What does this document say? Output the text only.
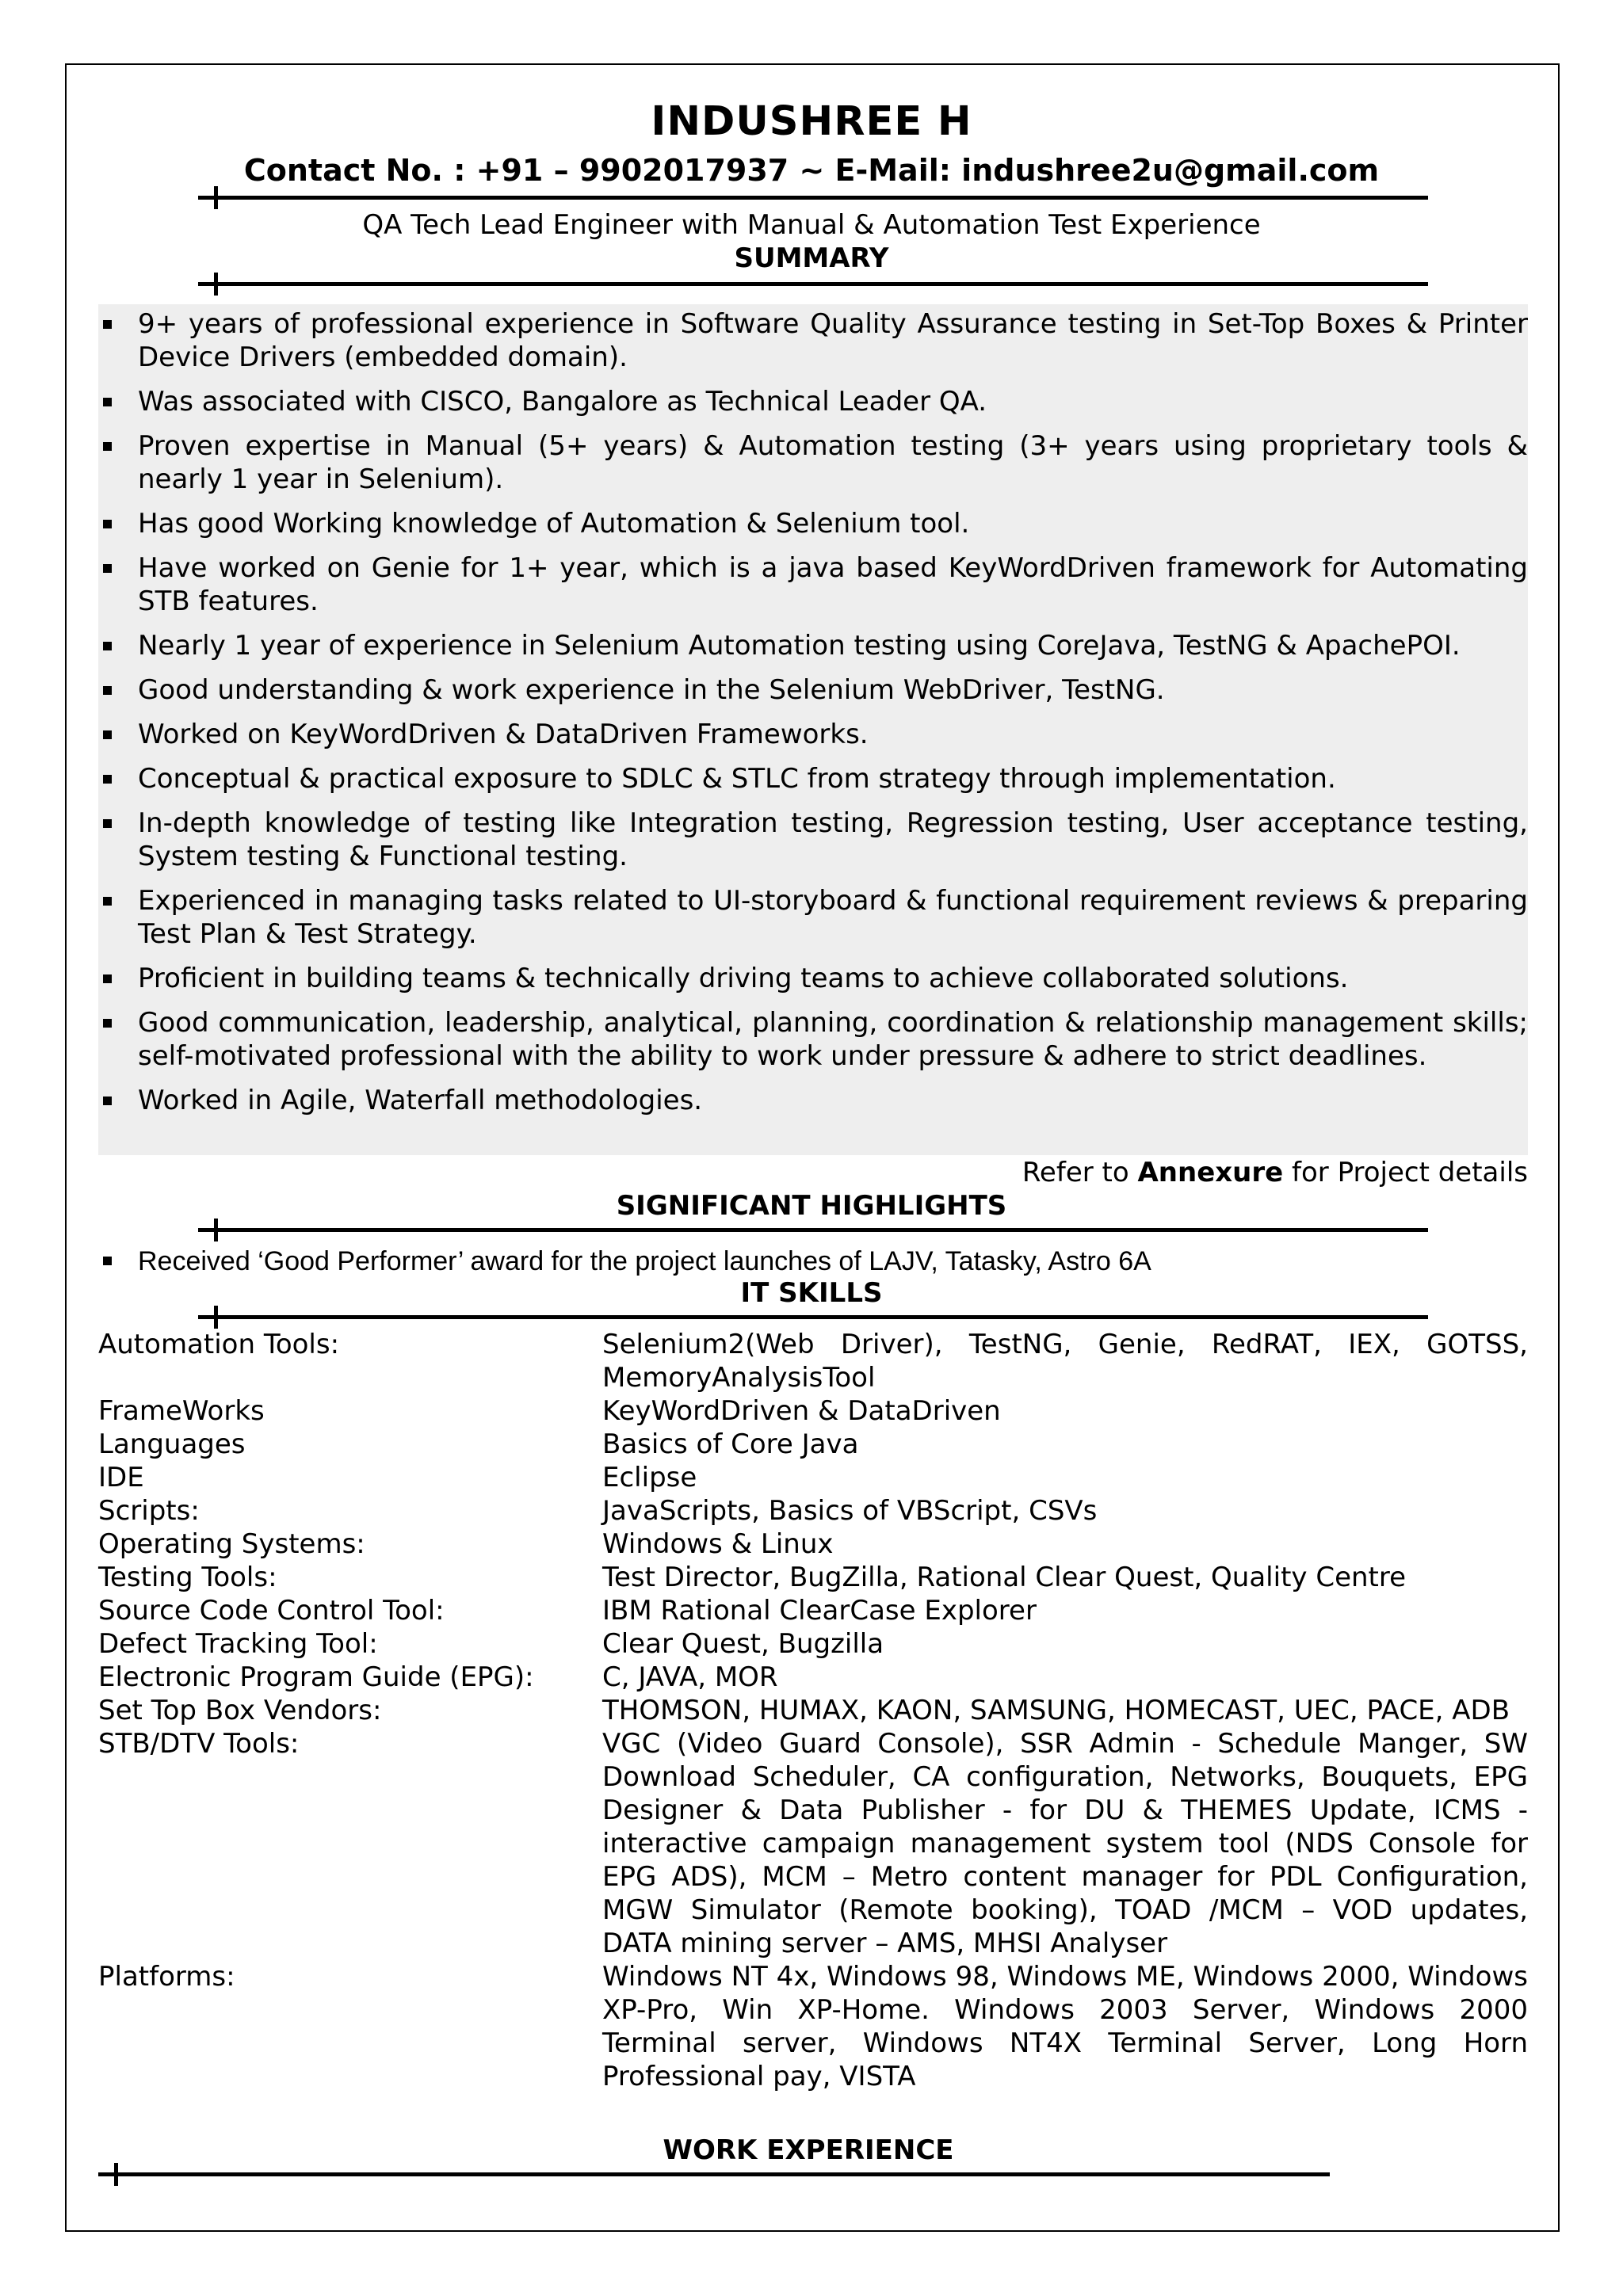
INDUSHREE H
Contact No. : +91 – 9902017937 ~ E-Mail: indushree2u@gmail.com
QA Tech Lead Engineer with Manual & Automation Test Experience
SUMMARY
9+ years of professional experience in Software Quality Assurance testing in Set-Top Boxes & Printer Device Drivers (embedded domain).
Was associated with CISCO, Bangalore as Technical Leader QA.
Proven expertise in Manual (5+ years) & Automation testing (3+ years using proprietary tools & nearly 1 year in Selenium).
Has good Working knowledge of Automation & Selenium tool.
Have worked on Genie for 1+ year, which is a java based KeyWordDriven framework for Automating STB features.
Nearly 1 year of experience in Selenium Automation testing using CoreJava, TestNG & ApachePOI.
Good understanding & work experience in the Selenium WebDriver, TestNG.
Worked on KeyWordDriven & DataDriven Frameworks.
Conceptual & practical exposure to SDLC & STLC from strategy through implementation.
In-depth knowledge of testing like Integration testing, Regression testing, User acceptance testing, System testing & Functional testing.
Experienced in managing tasks related to UI-storyboard & functional requirement reviews & preparing Test Plan & Test Strategy.
Proficient in building teams & technically driving teams to achieve collaborated solutions.
Good communication, leadership, analytical, planning, coordination & relationship management skills; self-motivated professional with the ability to work under pressure & adhere to strict deadlines.
Worked in Agile, Waterfall methodologies.
Refer to Annexure for Project details
SIGNIFICANT HIGHLIGHTS
Received ‘Good Performer’ award for the project launches of LAJV, Tatasky, Astro 6A
IT SKILLS
Automation Tools:	Selenium2(Web Driver), TestNG, Genie, RedRAT, IEX, GOTSS, MemoryAnalysisTool
FrameWorks	KeyWordDriven & DataDriven
Languages	Basics of Core Java
IDE	Eclipse
Scripts:	JavaScripts, Basics of VBScript, CSVs
Operating Systems:	Windows & Linux
Testing Tools:	Test Director, BugZilla, Rational Clear Quest, Quality Centre
Source Code Control Tool:	IBM Rational ClearCase Explorer
Defect Tracking Tool:	Clear Quest, Bugzilla
Electronic Program Guide (EPG):	C, JAVA, MOR
Set Top Box Vendors:	THOMSON, HUMAX, KAON, SAMSUNG, HOMECAST, UEC, PACE, ADB
STB/DTV Tools:	VGC (Video Guard Console), SSR Admin - Schedule Manger, SW Download Scheduler, CA configuration, Networks, Bouquets, EPG Designer & Data Publisher - for DU & THEMES Update, ICMS - interactive campaign management system tool (NDS Console for EPG ADS), MCM – Metro content manager for PDL Configuration, MGW Simulator (Remote booking), TOAD /MCM – VOD updates, DATA mining server – AMS, MHSI Analyser
Platforms:	Windows NT 4x, Windows 98, Windows ME, Windows 2000, Windows XP-Pro, Win XP-Home. Windows 2003 Server, Windows 2000 Terminal server, Windows NT4X Terminal Server, Long Horn Professional pay, VISTA
WORK EXPERIENCE
